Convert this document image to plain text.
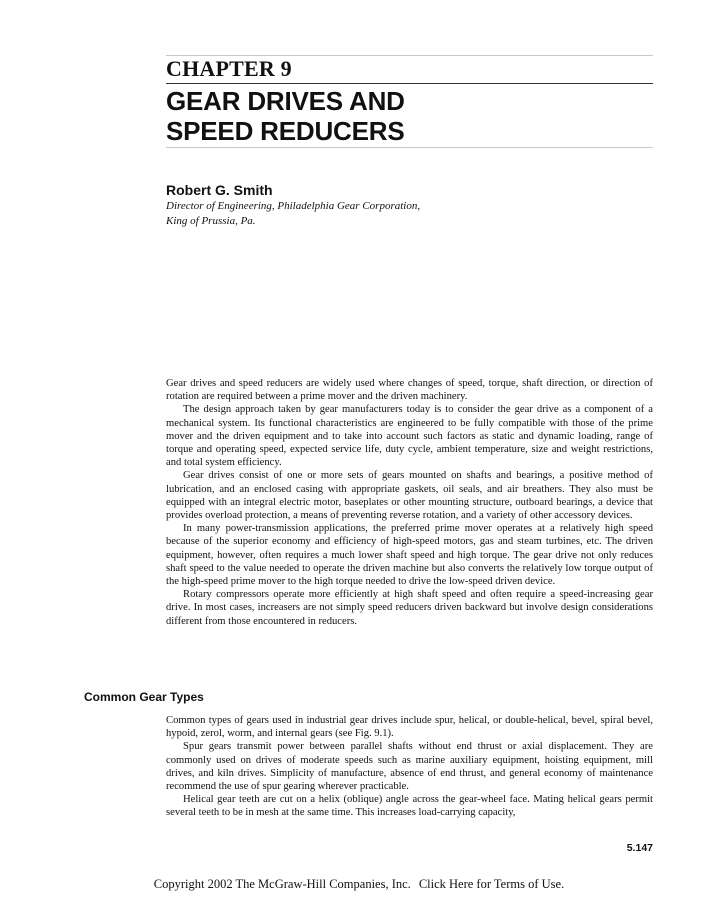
CHAPTER 9
GEAR DRIVES AND
SPEED REDUCERS
Robert G. Smith
Director of Engineering, Philadelphia Gear Corporation,
King of Prussia, Pa.

Gear drives and speed reducers are widely used where changes of speed, torque, shaft direction, or direction of rotation are required between a prime mover and the driven machinery.

The design approach taken by gear manufacturers today is to consider the gear drive as a component of a mechanical system. Its functional characteristics are engineered to be fully compatible with those of the prime mover and the driven equipment and to take into account such factors as static and dynamic loading, range of torque and operating speed, expected service life, duty cycle, ambient temperature, size and weight restrictions, and total system efficiency.

Gear drives consist of one or more sets of gears mounted on shafts and bearings, a positive method of lubrication, and an enclosed casing with appropriate gaskets, oil seals, and air breathers. They also must be equipped with an integral electric motor, baseplates or other mounting structure, outboard bearings, a device that provides overload protection, a means of preventing reverse rotation, and a variety of other accessory devices.

In many power-transmission applications, the preferred prime mover operates at a relatively high speed because of the superior economy and efficiency of high-speed motors, gas and steam turbines, etc. The driven equipment, however, often requires a much lower shaft speed and high torque. The gear drive not only reduces shaft speed to the value needed to operate the driven machine but also converts the relatively low torque output of the high-speed prime mover to the high torque needed to drive the low-speed driven device.

Rotary compressors operate more efficiently at high shaft speed and often require a speed-increasing gear drive. In most cases, increasers are not simply speed reducers driven backward but involve design considerations different from those encountered in reducers.

Common Gear Types

Common types of gears used in industrial gear drives include spur, helical, or double-helical, bevel, spiral bevel, hypoid, zerol, worm, and internal gears (see Fig. 9.1).

Spur gears transmit power between parallel shafts without end thrust or axial displacement. They are commonly used on drives of moderate speeds such as marine auxiliary equipment, hoisting equipment, mill drives, and kiln drives. Simplicity of manufacture, absence of end thrust, and general economy of maintenance recommend the use of spur gearing wherever practicable.

Helical gear teeth are cut on a helix (oblique) angle across the gear-wheel face. Mating helical gears permit several teeth to be in mesh at the same time. This increases load-carrying capacity,

5.147
Copyright 2002 The McGraw-Hill Companies, Inc. Click Here for Terms of Use.
